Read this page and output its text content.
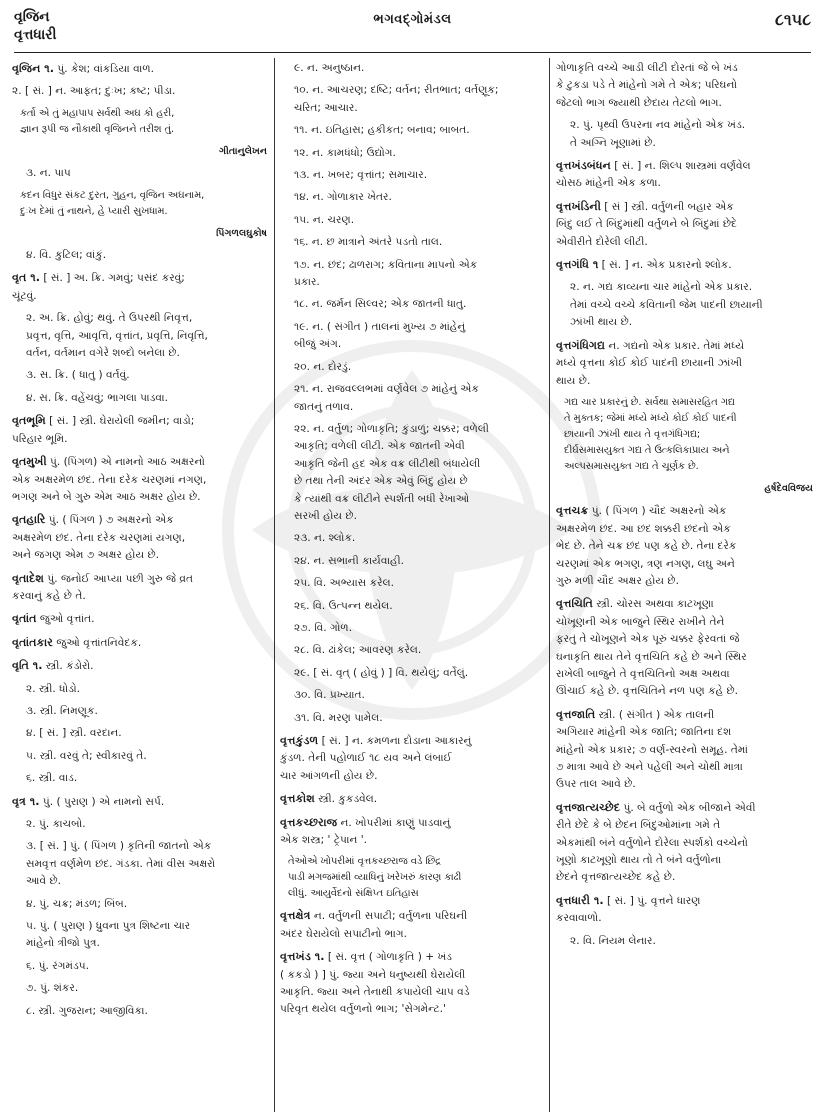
વૃજિન
વૃત્તધારી
ભગવદ્ગોમંડલ	૮૧૫૮
વૃજિન ૧. પું. કેશ; વાંકડિયા વાળ.
૨. [ સં. ] ન. આફત; દુઃખ; કષ્ટ; પીડા.
કર્તા એ તું મહાપાપ સર્વથી અઘ કો હરી,
જ્ઞાન રૂપી જ નૌકાથી વૃજિનને તરીશ તું.
ગીતાનુલેખન
૩. ન. પાપ
કદન વિધુર સંકટ દુરત, ગુહન, વૃજિન અઘનામ,
દુઃખ દેમાં તું નાથને, હે પ્યારી સુખધામ.
પિંગળલઘુકોષ
૪. વિ. કુટિલ; વાંકું.
વૃત ૧. [ સં. ] અ. ક્રિ. ગમવું; પસંદ કરવું;
ચૂંટવું.
૨. અ. ક્રિ. હોવું; થવું. તે ઉપરથી નિવૃત્ત,
પ્રવૃત્ત, વૃત્તિ, આવૃત્તિ, વૃત્તાંત, પ્રવૃત્તિ, નિવૃત્તિ,
વર્તન, વર્તમાન વગેરે શબ્દો બનેલા છે.
૩. સ. ક્રિ. ( ધાતુ ) વર્તવું.
૪. સ. ક્રિ. વહેંચવું; ભાગલા પાડવા.
વૃતભૂમિ [ સં. ] સ્ત્રી. ઘેરાયેલી જમીન; વાડો;
પરિહાર ભૂમિ.
વૃતમુખી પું. (પિંગળ) એ નામનો આઠ અક્ષરનો
એક અક્ષરમેળ છંદ. તેના દરેક ચરણમાં નગણ,
ભગણ અને બે ગુરુ એમ આઠ અક્ષર હોય છે.
વૃતહારિ પું. ( પિંગળ ) ૭ અક્ષરનો એક
અક્ષરમેળ છંદ. તેના દરેક ચરણમાં યગણ,
અને જગણ એમ ૭ અક્ષર હોય છે.
વૃતાદેશ પું. જનોઈ આપ્યા પછી ગુરુ જે વ્રત
કરવાનું કહે છે તે.
વૃતાંત જુઓ વૃત્તાંત.
વૃતાંતકાર જુઓ વૃત્તાંતનિવેદક.
વૃતિ ૧. સ્ત્રી. કંડોરો.
૨. સ્ત્રી. ધોડો.
૩. સ્ત્રી. નિમણૂક.
૪. [ સં. ] સ્ત્રી. વરદાન.
૫. સ્ત્રી. વરવું તે; સ્વીકારવું તે.
૬. સ્ત્રી. વાડ.
વૃત્ર ૧. પું. ( પુરાણ ) એ નામનો સર્પ.
૨. પું. કાચબો.
૩. [ સં. ] પું. ( પિંગળ ) કૃતિની જાતનો એક
સમવૃત્ત વર્ણમેળ છંદ. ગંડકા. તેમાં વીસ અક્ષરો
આવે છે.
૪. પું. ચક્ર; મંડળ; બિંબ.
૫. પું. ( પુરાણ ) ધ્રુવના પુત્ર શિષ્ટના ચાર
માંહેનો ત્રીજો પુત્ર.
૬. પું. રંગમંડપ.
૭. પું. શંકર.
૮. સ્ત્રી. ગુજરાન; આજીવિકા.
૯. ન. અનુષ્ઠાન.
૧૦. ન. આચરણ; દષ્ટિ; વર્તન; રીતભાત; વર્તણૂક;
ચરિત; આચાર.
૧૧. ન. ઇતિહાસ; હકીકત; બનાવ; બાબત.
૧૨. ન. કામધંધો; ઉદ્યોગ.
૧૩. ન. ખબર; વૃત્તાંત; સમાચાર.
૧૪. ન. ગોળાકાર ખેતર.
૧૫. ન. ચરણ.
૧૬. ન. છ માત્રાને અંતરે પડતો તાલ.
૧૭. ન. છંદ; ઢાળરાગ; કવિતાના માપનો એક
પ્રકાર.
૧૮. ન. જર્મન સિલ્વર; એક જાતની ધાતુ.
૧૯. ન. ( સંગીત ) તાલનાં મુખ્ય ૭ માંહેનું
બીજું અંગ.
૨૦. ન. દોરડું.
૨૧. ન. રાજવલ્લભમાં વર્ણવેલ ૭ માંહેનું એક
જાતનું તળાવ.
૨૨. ન. વર્તુળ; ગોળાકૃતિ; કુંડાળું; ચક્કર; વળેલી
આકૃતિ; વળેલી લીટી. એક જાતની એવી
આકૃતિ જેની હદ એક વક્ર લીટીથી બંધાયેલી
છે તથા તેની અંદર એક એવું બિંદુ હોય છે
કે ત્યાંથી વક્ર લીટીને સ્પર્શતી બધી રેખાઓ
સરખી હોય છે.
૨૩. ન. શ્લોક.
૨૪. ન. સભાની કાર્યવાહી.
૨૫. વિ. અભ્યાસ કરેલ.
૨૬. વિ. ઉત્પન્ન થયેલ.
૨૭. વિ. ગોળ.
૨૮. વિ. ઢાંકેલ; આવરણ કરેલ.
૨૯. [ સં. વૃત્ ( હોવું ) ] વિ. થયેલું; વર્તેલું.
૩૦. વિ. પ્રખ્યાત.
૩૧. વિ. મરણ પામેલ.
વૃત્તકુંડળ [ સં. ] ન. કમળના દોડાના આકારનું
કુંડળ. તેની પહોળાઈ ૧૮ યવ અને લંબાઈ
ચાર આંગળની હોય છે.
વૃત્તકોશ સ્ત્રી. કુકડવેલ.
વૃત્તકચ્છરાજ ન. ખોપરીમાં કાણું પાડવાનું
એક શસ્ત્ર; ' ટ્રેપાન '.
તેઓએ ખોપરીમાં વૃત્તકચ્છરાજ વડે છિદ્ર
પાડી મગજમાંથી વ્યાધિનું ખરેખરું કારણ કાઢી
લીધું. આયુર્વેદનો સંક્ષિપ્ત ઇતિહાસ
વૃત્તક્ષેત્ર ન. વર્તુળની સપાટી; વર્તુળના પરિઘની
અંદર ઘેરાયેલો સપાટીનો ભાગ.
વૃત્તખંડ ૧. [ સં. વૃત્ત ( ગોળાકૃતિ ) + ખંડ
( કકડો ) ] પું. જ્યા અને ધનુષ્યથી ઘેરાયેલી
આકૃતિ. જ્યા અને તેનાથી કપાયેલી ચાપ વડે
પરિવૃત થયેલ વર્તુળનો ભાગ; 'સેગમેન્ટ.'
ગોળાકૃતિ વચ્ચે આડી લીટી દોરતાં જે બે ખંડ
કે ટુકડા પડે તે માંહેનો ગમે તે એક; પરિઘનો
જેટલો ભાગ જ્યાથી છેદાય તેટલો ભાગ.
૨. પું. પૃથ્વી ઉપરના નવ માંહેનો એક ખંડ.
તે અગ્નિ ખૂણામાં છે.
વૃત્તખંડબંધન [ સં. ] ન. શિલ્પ શાસ્ત્રમાં વર્ણવેલ
ચોસઠ માંહેની એક કળા.
વૃત્તખંડિની [ સં ] સ્ત્રી. વર્તુળની બહાર એક
બિંદુ લઈ તે બિંદુમાંથી વર્તુળને બે બિંદુમાં છેદે
એવીરીતે દોરેલી લીટી.
વૃત્તગંધિ ૧ [ સં. ] ન. એક પ્રકારનો શ્લોક.
૨. ન. ગદ્ય કાવ્યના ચાર માંહેનો એક પ્રકાર.
તેમાં વચ્ચે વચ્ચે કવિતાની જેમ પાદની છાયાની
ઝાંખી થાય છે.
વૃત્તગંધિગદ્ય ન. ગદ્યનો એક પ્રકાર. તેમાં મધ્યે
મધ્યે વૃત્તના કોઈ કોઈ પાદની છાયાની ઝાંખી
થાય છે.
ગદ્ય ચાર પ્રકારનું છે. સર્વથા સમાસરહિત ગદ્ય
તે મુક્તક; જેમાં મધ્યે મધ્યે કોઈ કોઈ પાદની
છાયાની ઝાંખી થાય તે વૃત્તગંધિગદ્ય;
દીર્ઘસમાસયુક્ત ગદ્ય તે ઉત્કલિકાપ્રાય અને
અલ્પસમાસયુક્ત ગદ્ય તે ચૂર્ણક છે.
હર્ષદેવવિજય
વૃત્તચક્ર પું. ( પિંગળ ) ચૌદ અક્ષરનો એક
અક્ષરમેળ છંદ. આ છંદ શક્કરી છંદનો એક
ભેદ છે. તેને ચક્ર છંદ પણ કહે છે. તેના દરેક
ચરણમાં એક ભગણ, ત્રણ નગણ, લઘુ અને
ગુરુ મળી ચૌદ અક્ષર હોય છે.
વૃત્તચિતિ સ્ત્રી. ચોરસ અથવા કાટખૂણા
ચોખૂણની એક બાજુને સ્થિર રાખીને તેને
ફરતું તે ચોખૂણને એક પૂરું ચક્કર ફેરવતાં જે
ઘનાકૃતિ થાય તેને વૃત્તચિતિ કહે છે અને સ્થિર
રાખેલી બાજુને તે વૃત્તચિતિનો અક્ષ અથવા
ઊંચાઈ કહે છે. વૃત્તચિતિને નળ પણ કહે છે.
વૃત્તજાતિ સ્ત્રી. ( સંગીત ) એક તાલની
અગિયાર માંહેની એક જાતિ; જાતિના દશ
માંહેનો એક પ્રકાર; ૭ વર્ણ-સ્વરનો સમૂહ. તેમાં
૭ માત્રા આવે છે અને પહેલી અને ચોથી માત્રા
ઉપર તાલ આવે છે.
વૃત્તજાત્યચ્છેદ પું. બે વર્તુળો એક બીજાને એવી
રીતે છેદે કે બે છેદન બિંદુઓમાંના ગમે તે
એકમાંથી બંને વર્તુળોને દોરેલા સ્પર્શકો વચ્ચેનો
ખૂણો કાટખૂણો થાય તો તે બંને વર્તુળોના
છેદને વૃત્તજાત્યચ્છેદ કહે છે.
વૃત્તધારી ૧. [ સં. ] પું. વૃત્તને ધારણ
કરવાવાળો.
૨. વિ. નિયમ લેનાર.
